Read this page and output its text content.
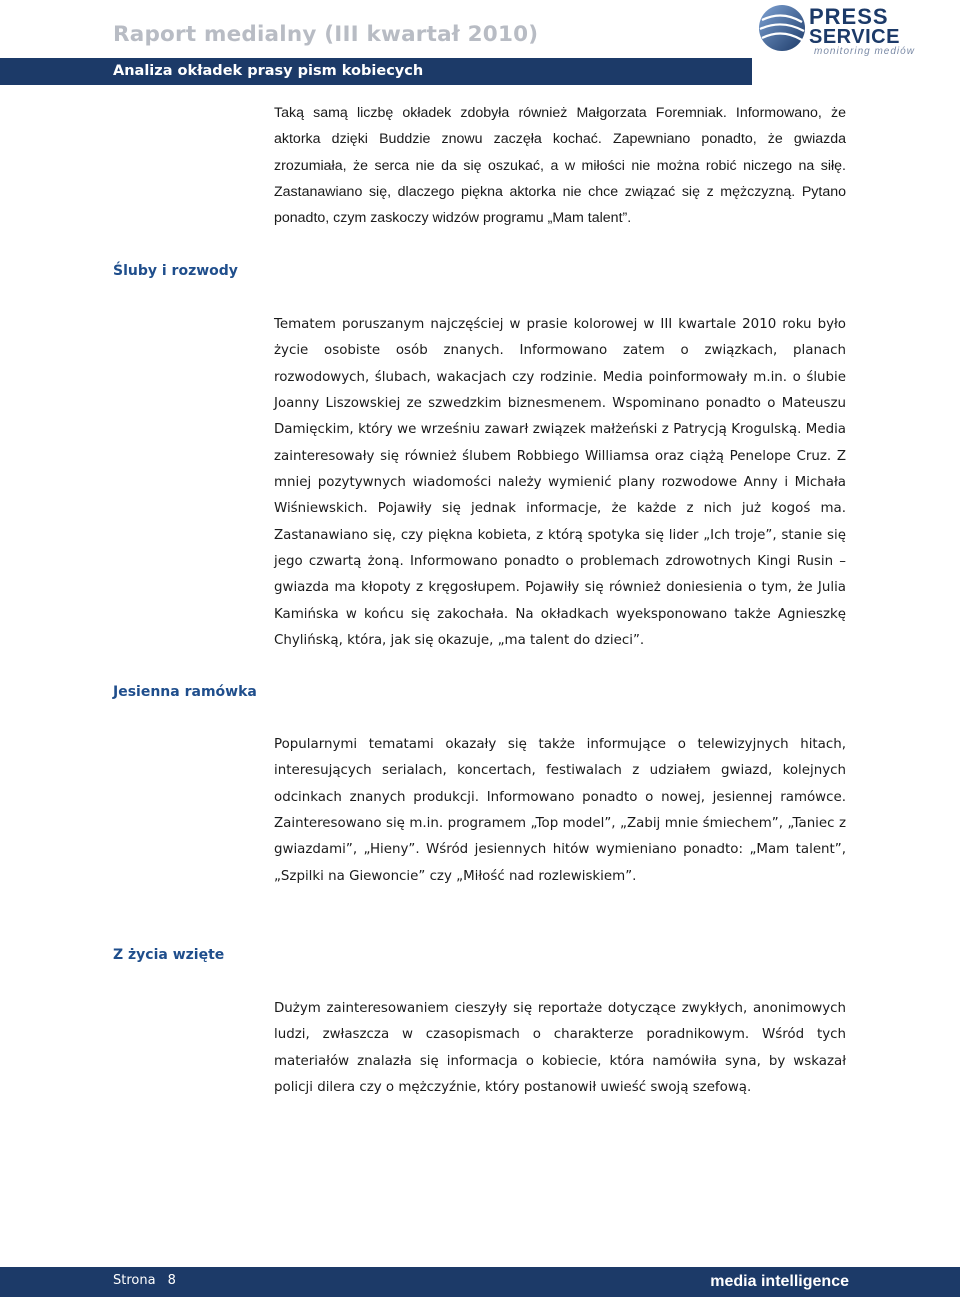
Raport medialny (III kwartał 2010)
Analiza okładek prasy pism kobiecych
PRESS
SERVICE
monitoring mediów

Taką samą liczbę okładek zdobyła również Małgorzata Foremniak. Informowano, że aktorka dzięki Buddzie znowu zaczęła kochać. Zapewniano ponadto, że gwiazda zrozumiała, że serca nie da się oszukać, a w miłości nie można robić niczego na siłę. Zastanawiano się, dlaczego piękna aktorka nie chce związać się z mężczyzną. Pytano ponadto, czym zaskoczy widzów programu „Mam talent”.

Śluby i rozwody

Tematem poruszanym najczęściej w prasie kolorowej w III kwartale 2010 roku było życie osobiste osób znanych. Informowano zatem o związkach, planach rozwodowych, ślubach, wakacjach czy rodzinie. Media poinformowały m.in. o ślubie Joanny Liszowskiej ze szwedzkim biznesmenem. Wspominano ponadto o Mateuszu Damięckim, który we wrześniu zawarł związek małżeński z Patrycją Krogulską. Media zainteresowały się również ślubem Robbiego Williamsa oraz ciążą Penelope Cruz. Z mniej pozytywnych wiadomości należy wymienić plany rozwodowe Anny i Michała Wiśniewskich. Pojawiły się jednak informacje, że każde z nich już kogoś ma. Zastanawiano się, czy piękna kobieta, z którą spotyka się lider „Ich troje”, stanie się jego czwartą żoną. Informowano ponadto o problemach zdrowotnych Kingi Rusin – gwiazda ma kłopoty z kręgosłupem. Pojawiły się również doniesienia o tym, że Julia Kamińska w końcu się zakochała. Na okładkach wyeksponowano także Agnieszkę Chylińską, która, jak się okazuje, „ma talent do dzieci”.

Jesienna ramówka

Popularnymi tematami okazały się także informujące o telewizyjnych hitach, interesujących serialach, koncertach, festiwalach z udziałem gwiazd, kolejnych odcinkach znanych produkcji. Informowano ponadto o nowej, jesiennej ramówce. Zainteresowano się m.in. programem „Top model”, „Zabij mnie śmiechem”, „Taniec z gwiazdami”, „Hieny”. Wśród jesiennych hitów wymieniano ponadto: „Mam talent”, „Szpilki na Giewoncie” czy „Miłość nad rozlewiskiem”.

Z życia wzięte

Dużym zainteresowaniem cieszyły się reportaże dotyczące zwykłych, anonimowych ludzi, zwłaszcza w czasopismach o charakterze poradnikowym. Wśród tych materiałów znalazła się informacja o kobiecie, która namówiła syna, by wskazał policji dilera czy o mężczyźnie, który postanowił uwieść swoją szefową.

Strona 8	media intelligence
